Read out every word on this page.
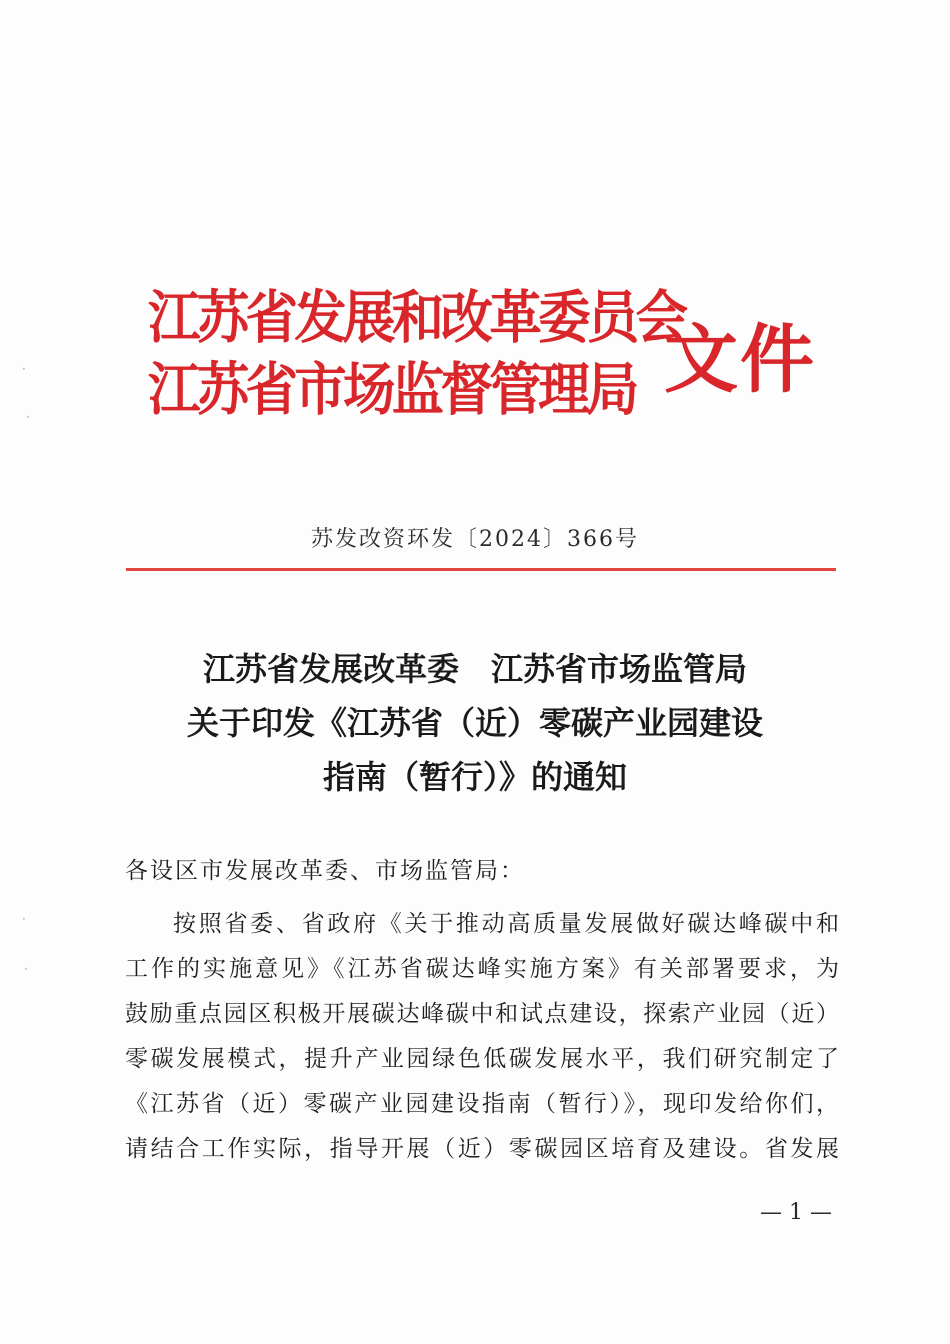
江苏省发展和改革委员会
江苏省市场监督管理局 文件
苏发改资环发〔2024〕366号
江苏省发展改革委　江苏省市场监管局
关于印发《江苏省（近）零碳产业园建设
指南（暂行）》的通知
各设区市发展改革委、市场监管局：
按照省委、省政府《关于推动高质量发展做好碳达峰碳中和
工作的实施意见》《江苏省碳达峰实施方案》有关部署要求，为
鼓励重点园区积极开展碳达峰碳中和试点建设，探索产业园（近）
零碳发展模式，提升产业园绿色低碳发展水平，我们研究制定了
《江苏省（近）零碳产业园建设指南（暂行）》，现印发给你们，
请结合工作实际，指导开展（近）零碳园区培育及建设。省发展
— 1 —
·
·
·
·
